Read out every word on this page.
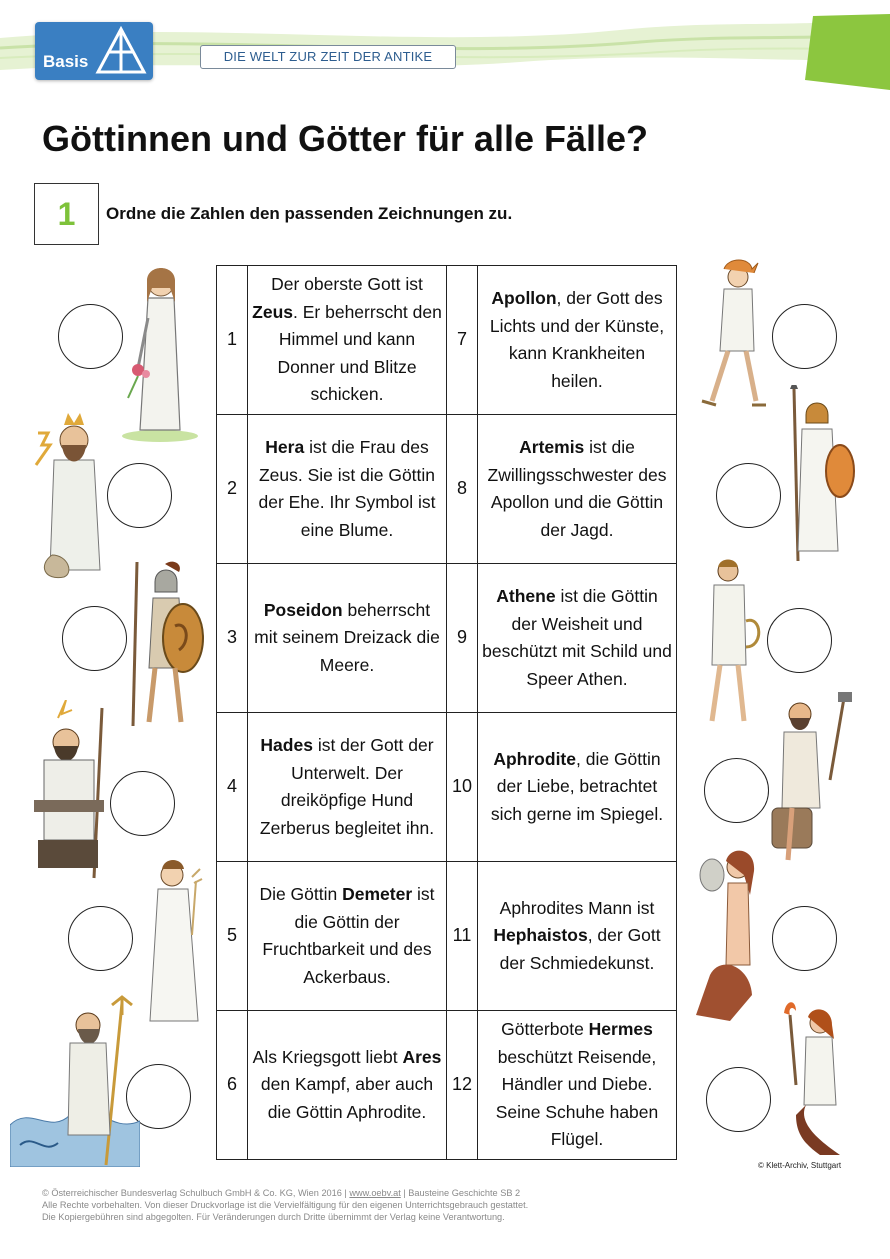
Basis	DIE WELT ZUR ZEIT DER ANTIKE
Göttinnen und Götter für alle Fälle?
1	Ordne die Zahlen den passenden Zeichnungen zu.
1	Der oberste Gott ist Zeus. Er beherrscht den Himmel und kann Donner und Blitze schicken.	7	Apollon, der Gott des Lichts und der Künste, kann Krankheiten heilen.

2	Hera ist die Frau des Zeus. Sie ist die Göttin der Ehe. Ihr Symbol ist eine Blume.	8	Artemis ist die Zwillingsschwester des Apollon und die Göttin der Jagd.

3	Poseidon beherrscht mit seinem Dreizack die Meere.	9	Athene ist die Göttin der Weisheit und beschützt mit Schild und Speer Athen.

4	Hades ist der Gott der Unterwelt. Der dreiköpfige Hund Zerberus begleitet ihn.	10	Aphrodite, die Göttin der Liebe, betrachtet sich gerne im Spiegel.

5	Die Göttin Demeter ist die Göttin der Fruchtbarkeit und des Ackerbaus.	11	Aphrodites Mann ist Hephaistos, der Gott der Schmiedekunst.

6	Als Kriegsgott liebt Ares den Kampf, aber auch die Göttin Aphrodite.	12	Götterbote Hermes beschützt Reisende, Händler und Diebe. Seine Schuhe haben Flügel.
© Klett-Archiv, Stuttgart
© Österreichischer Bundesverlag Schulbuch GmbH & Co. KG, Wien 2016 | www.oebv.at | Bausteine Geschichte SB 2
Alle Rechte vorbehalten. Von dieser Druckvorlage ist die Vervielfältigung für den eigenen Unterrichtsgebrauch gestattet.
Die Kopiergebühren sind abgegolten. Für Veränderungen durch Dritte übernimmt der Verlag keine Verantwortung.
